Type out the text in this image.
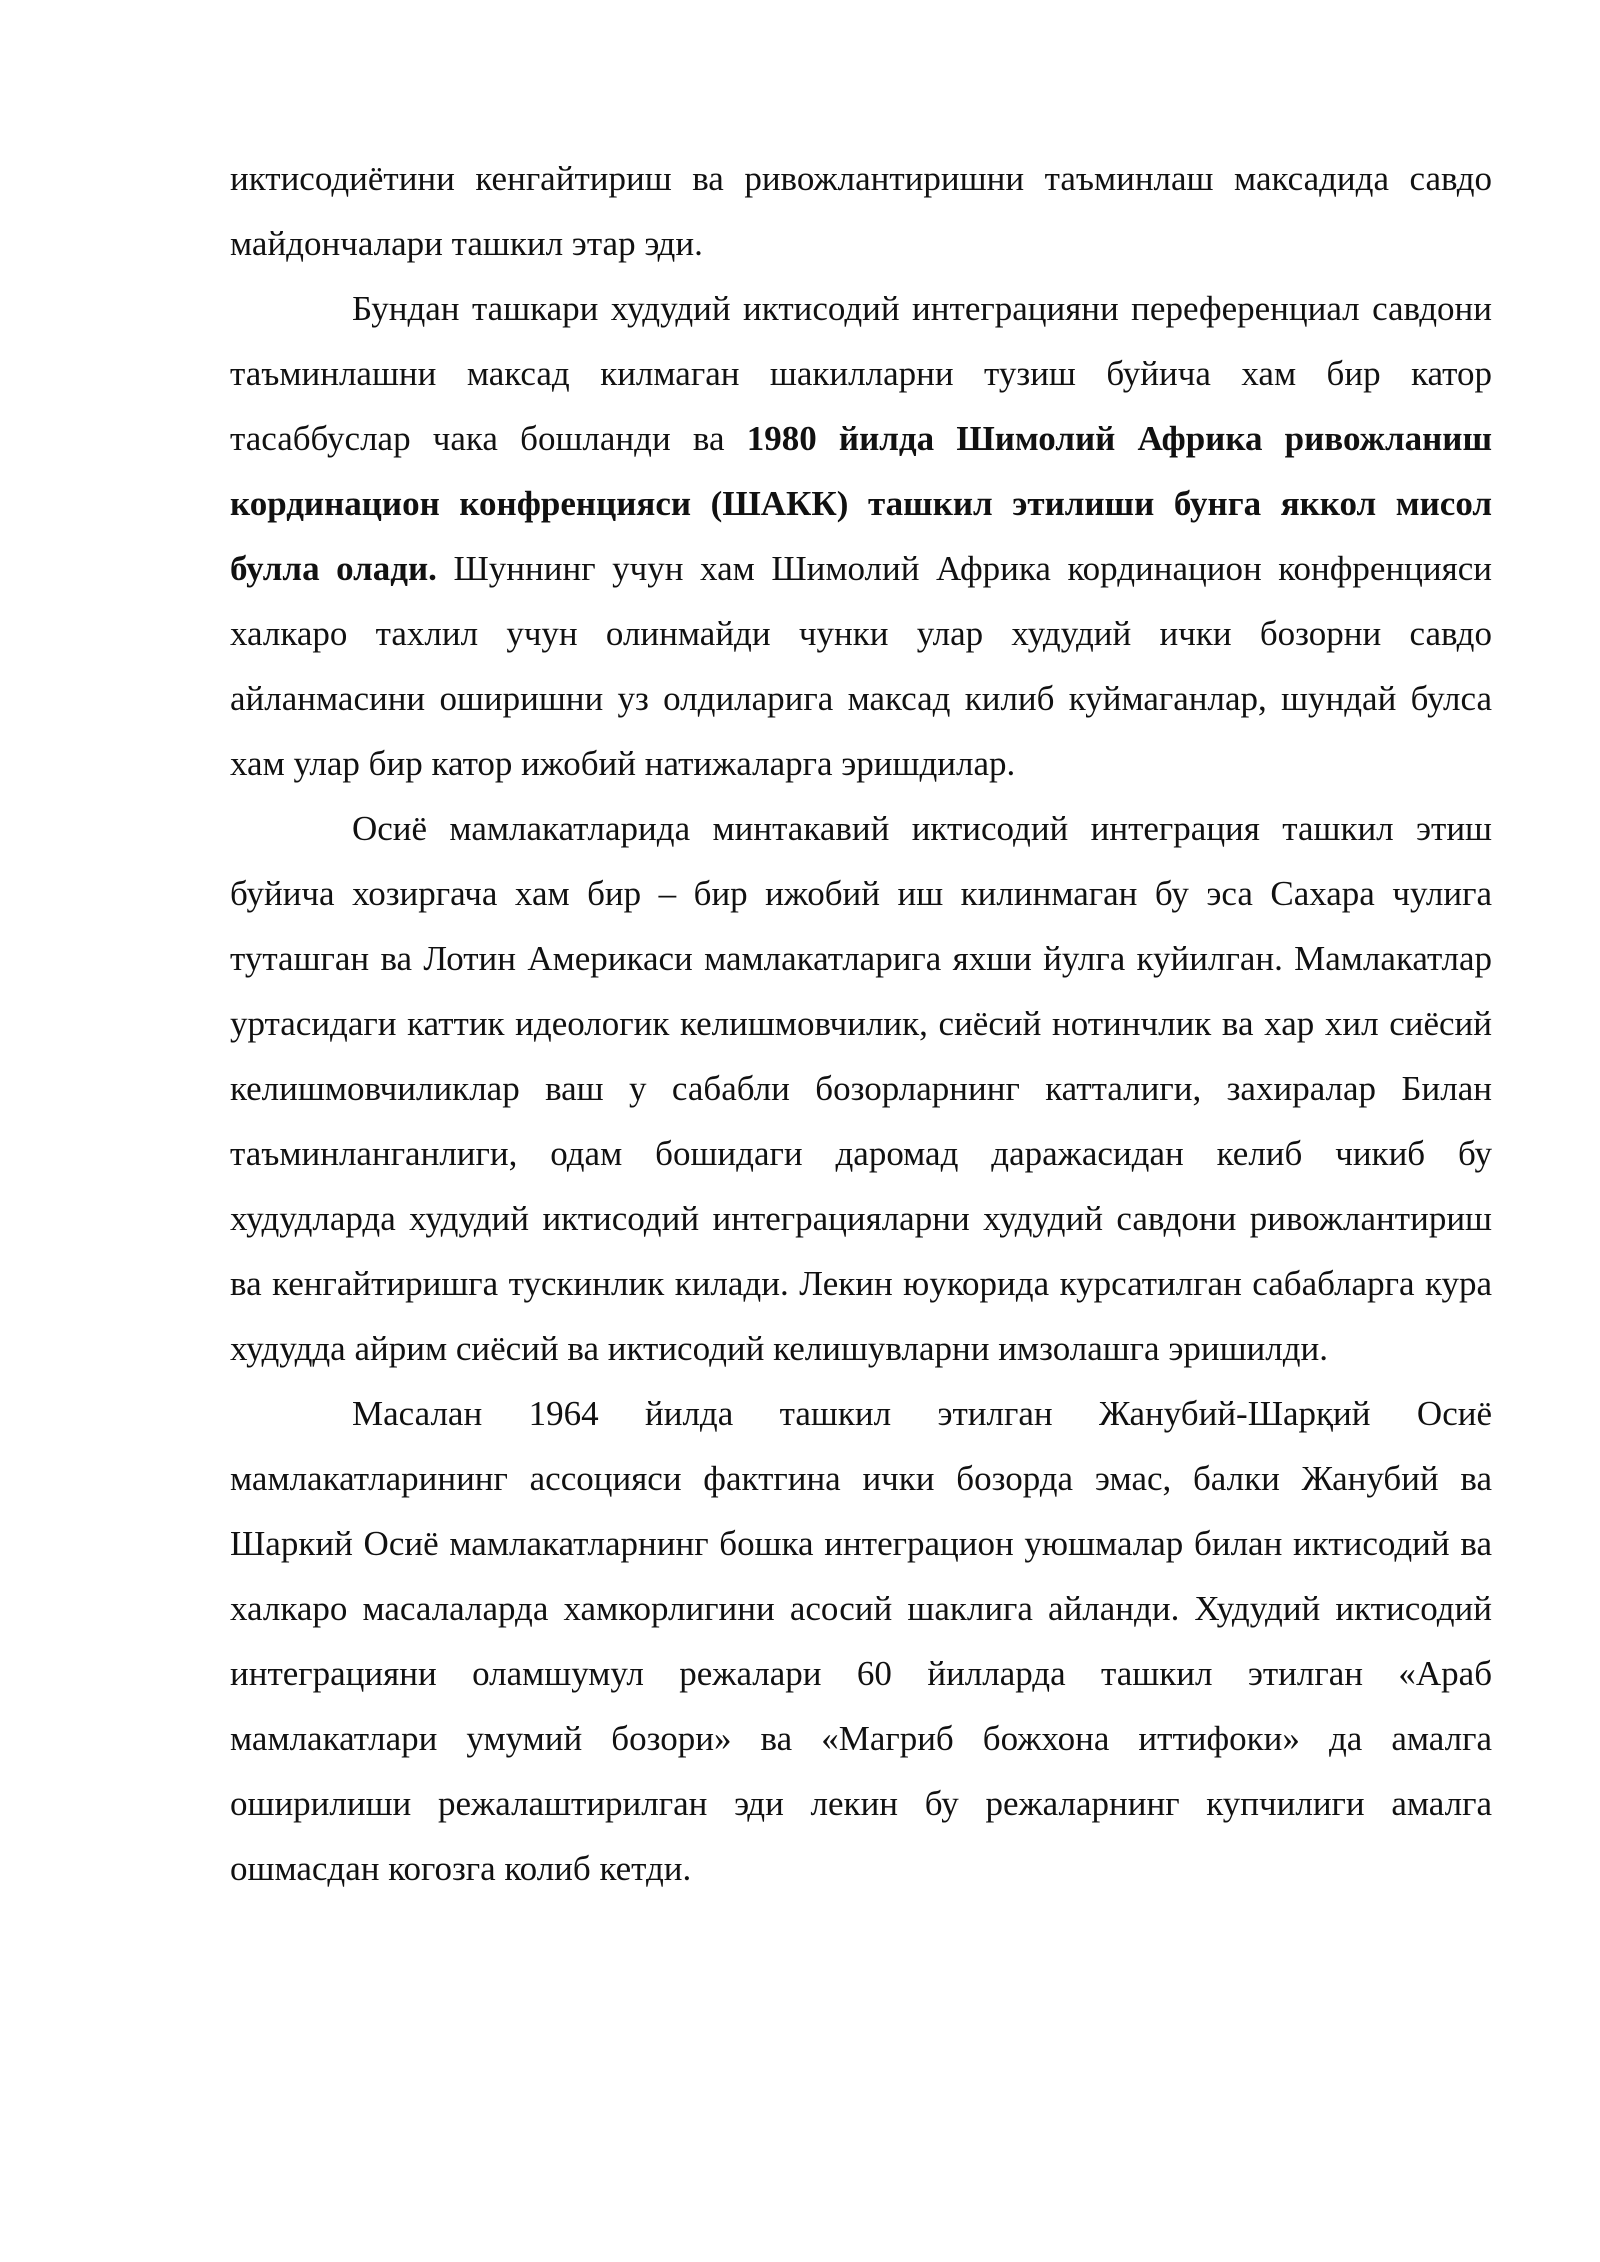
иктисодиётини кенгайтириш ва ривожлантиришни таъминлаш максадида савдо майдончалари ташкил этар эди.

Бундан ташкари худудий иктисодий интеграцияни переференциал савдони таъминлашни максад килмаган шакилларни тузиш буйича хам бир катор тасаббуслар чака бошланди ва 1980 йилда Шимолий Африка ривожланиш кординацион конфренцияси (ШАКК) ташкил этилиши бунга яккол мисол булла олади. Шуннинг учун хам Шимолий Африка кординацион конфренцияси халкаро тахлил учун олинмайди чунки улар худудий ички бозорни савдо айланмасини оширишни уз олдиларига максад килиб куймаганлар, шундай булса хам улар бир катор ижобий натижаларга эришдилар.

Осиё мамлакатларида минтакавий иктисодий интеграция ташкил этиш буйича хозиргача хам бир – бир ижобий иш килинмаган бу эса Сахара чулига туташган ва Лотин Америкаси мамлакатларига яхши йулга куйилган. Мамлакатлар уртасидаги каттик идеологик келишмовчилик, сиёсий нотинчлик ва хар хил сиёсий келишмовчиликлар ваш у сабабли бозорларнинг катталиги, захиралар Билан таъминланганлиги, одам бошидаги даромад даражасидан келиб чикиб бу худудларда худудий иктисодий интеграцияларни худудий савдони ривожлантириш ва кенгайтиришга тускинлик килади. Лекин юукорида курсатилган сабабларга кура худудда айрим сиёсий ва иктисодий келишувларни имзолашга эришилди.

Масалан 1964 йилда ташкил этилган Жанубий-Шарқий Осиё мамлакатларининг ассоцияси фактгина ички бозорда эмас, балки Жанубий ва Шаркий Осиё мамлакатларнинг бошка интеграцион уюшмалар билан иктисодий ва халкаро масалаларда хамкорлигини асосий шаклига айланди. Худудий иктисодий интеграцияни оламшумул режалари 60 йилларда ташкил этилган «Араб мамлакатлари умумий бозори» ва «Магриб божхона иттифоки» да амалга оширилиши режалаштирилган эди лекин бу режаларнинг купчилиги амалга ошмасдан когозга колиб кетди.
